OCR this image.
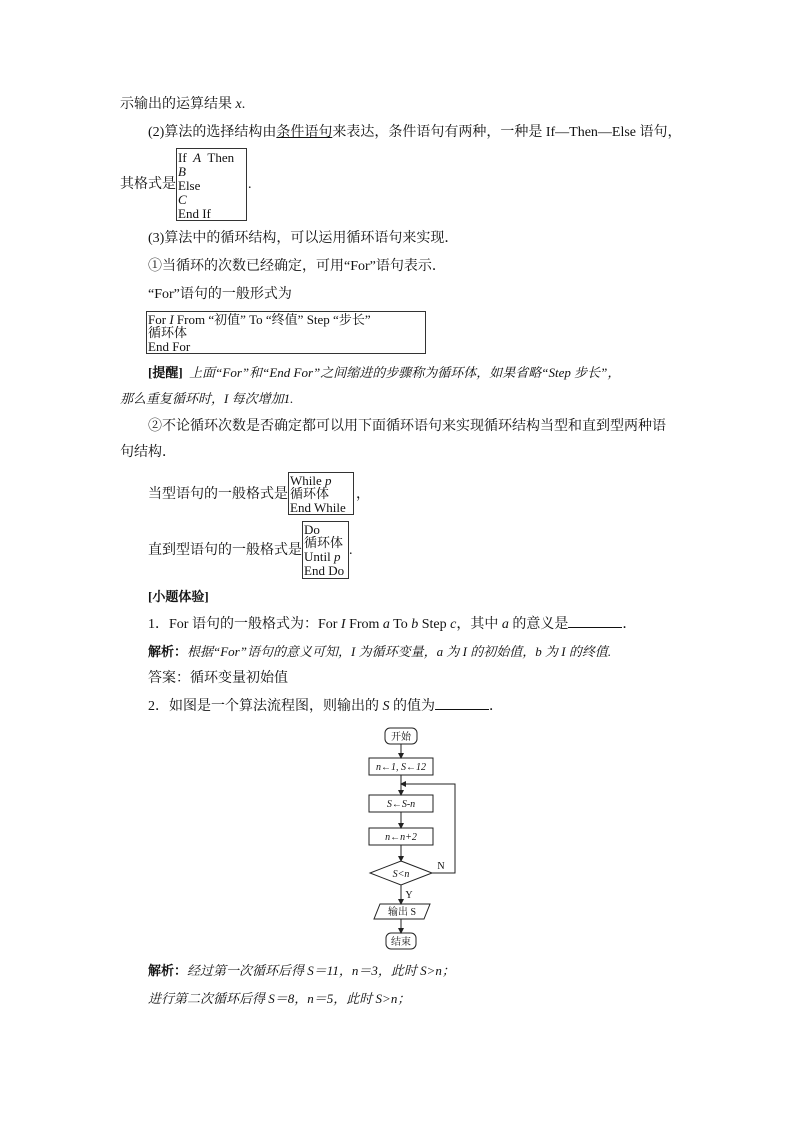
示输出的运算结果 x.
(2)算法的选择结构由条件语句来表达，条件语句有两种，一种是 If—Then—Else 语句，
其格式是
If A Then
B
Else
C
End If
.
(3)算法中的循环结构，可以运用循环语句来实现．
①当循环的次数已经确定，可用“For”语句表示．
“For”语句的一般形式为
For I From “初值” To “终值” Step “步长”
循环体
End For
[提醒] 上面“For”和“End For”之间缩进的步骤称为循环体，如果省略“Step 步长”，
那么重复循环时，I 每次增加1.
②不论循环次数是否确定都可以用下面循环语句来实现循环结构当型和直到型两种语
句结构．
当型语句的一般格式是
While p
循环体
End While
，
直到型语句的一般格式是
Do
循环体
Until p
End Do
.
[小题体验]
1．For 语句的一般格式为：For I From a To b Step c，其中 a 的意义是	．
解析：根据“For”语句的意义可知，I 为循环变量，a 为 I 的初始值，b 为 I 的终值.
答案：循环变量初始值
2．如图是一个算法流程图，则输出的 S 的值为	．
开始
n←1, S←12
S←S-n
n←n+2
S<n
N
Y
输出 S
结束
解析：经过第一次循环后得 S＝11，n＝3，此时 S>n；
进行第二次循环后得 S＝8，n＝5，此时 S>n；
